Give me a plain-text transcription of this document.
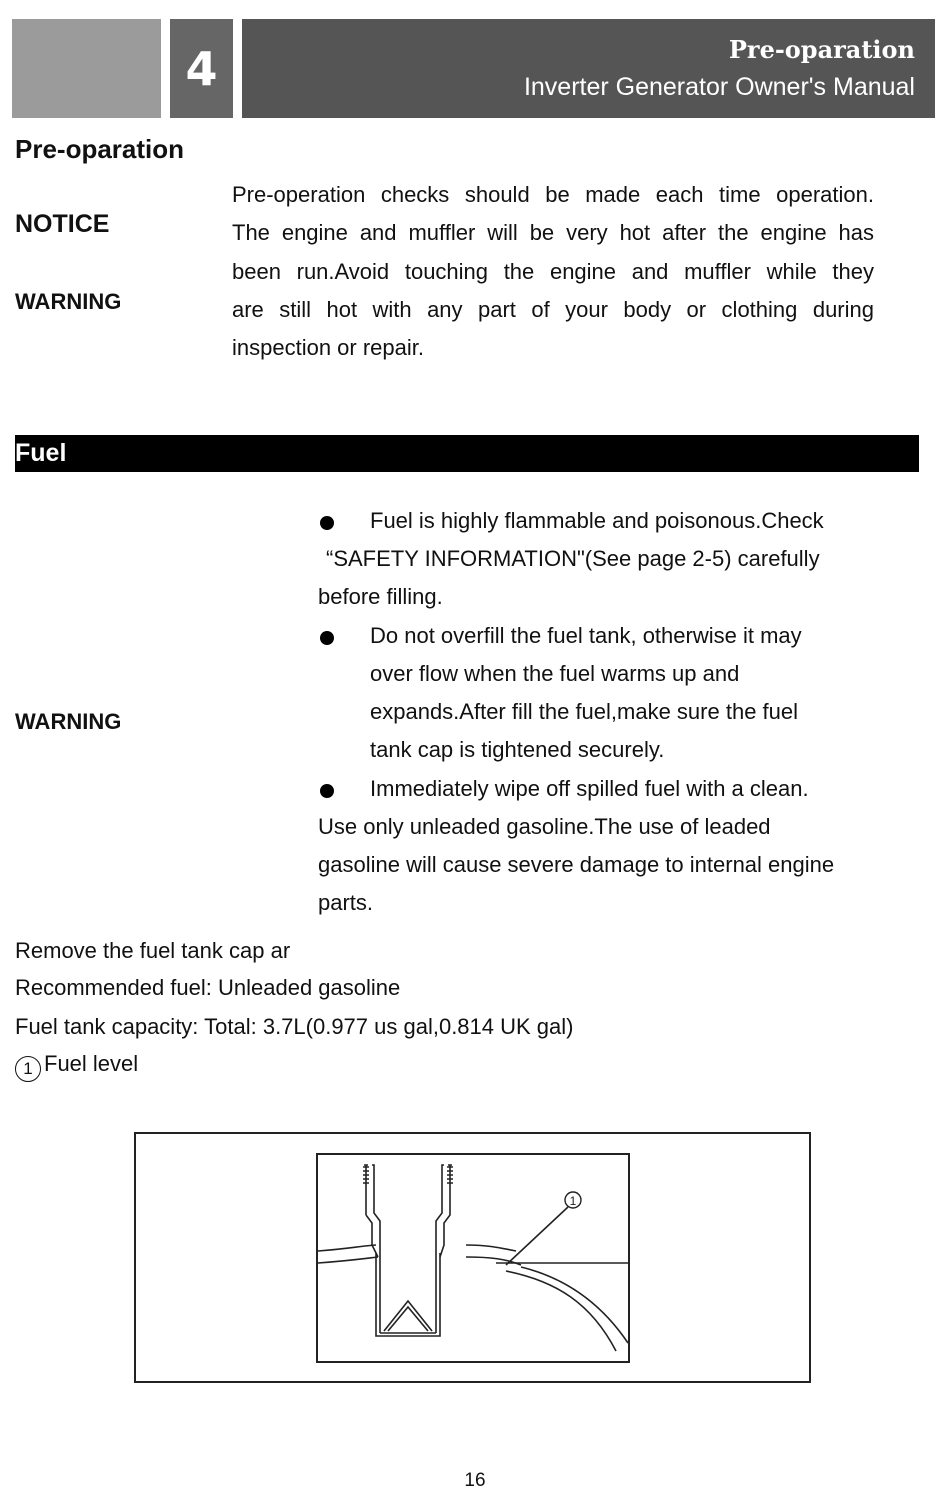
4	Pre-oparation
Inverter Generator Owner's Manual
Pre-oparation
NOTICE
WARNING
Pre-operation checks should be made each time operation.
The engine and muffler will be very hot after the engine has
been run.Avoid touching the engine and muffler while they
are still hot with any part of your body or clothing during
inspection or repair.
Fuel
WARNING
Fuel is highly flammable and poisonous.Check
“SAFETY INFORMATION"(See page 2-5) carefully
before filling.
Do not overfill the fuel tank, otherwise it may
over flow when the fuel warms up and
expands.After fill the fuel,make sure the fuel
tank cap is tightened securely.
Immediately wipe off spilled fuel with a clean.
Use only unleaded gasoline.The use of leaded
gasoline will cause severe damage to internal engine
parts.
Remove the fuel tank cap ar
Recommended fuel: Unleaded gasoline
Fuel tank capacity: Total: 3.7L(0.977 us gal,0.814 UK gal)
1 Fuel level
1
16
